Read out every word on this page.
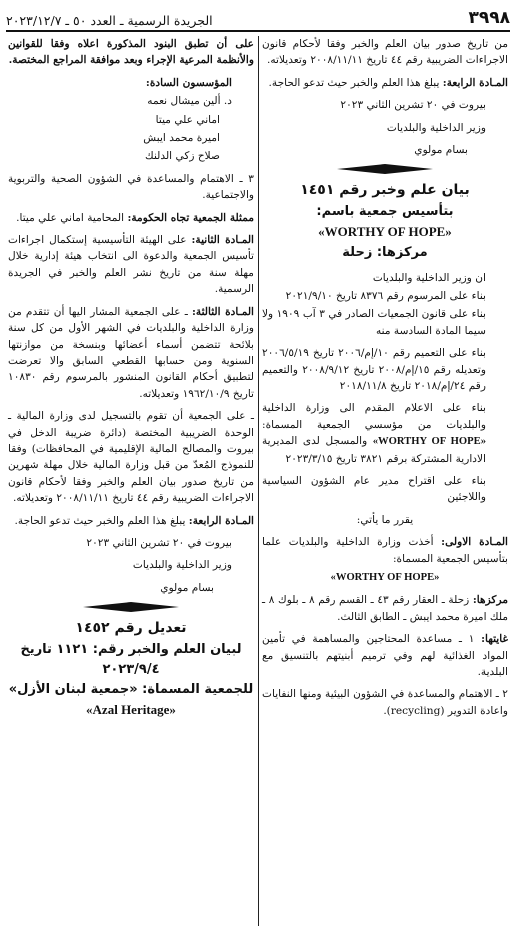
٣٩٩٨
الجريدة الرسمية ـ العدد ٥٠ ـ ٢٠٢٣/١٢/٧

من تاريخ صدور بيان العلم والخبر وفقا لأحكام قانون الاجراءات الضريبية رقم ٤٤ تاريخ ٢٠٠٨/١١/١١ وتعديلاته.

المـادة الرابعة: يبلغ هذا العلم والخبر حيث تدعو الحاجة.

بيروت في ٢٠ تشرين الثاني ٢٠٢٣

وزير الداخلية والبلديات

بسام مولوي

بيان علم وخبر رقم ١٤٥١

بتأسيس جمعية باسم:

«WORTHY OF HOPE»

مركزها: زحلة

ان وزير الداخلية والبلديات

بناء على المرسوم رقم ٨٣٧٦ تاريخ ٢٠٢١/٩/١٠

بناء على قانون الجمعيات الصادر في ٣ آب ١٩٠٩ ولا سيما المادة السادسة منه

بناء على التعميم رقم ١٠/إم/٢٠٠٦ تاريخ ٢٠٠٦/٥/١٩ وتعديله رقم ١٥/إم/٢٠٠٨ تاريخ ٢٠٠٨/٩/١٢ والتعميم رقم ٢٤/إم/٢٠١٨ تاريخ ٢٠١٨/١١/٨

بناء على الاعلام المقدم الى وزارة الداخلية والبلديات من مؤسسي الجمعية المسماة: «WORTHY OF HOPE» والمسجل لدى المديرية الادارية المشتركة برقم ٣٨٢١ تاريخ ٢٠٢٣/٣/١٥

بناء على اقتراح مدير عام الشؤون السياسية واللاجئين

يقرر ما يأتي:

المـادة الاولى: أخذت وزارة الداخلية والبلديات علما بتأسيس الجمعية المسماة:

«WORTHY OF HOPE»

مركزها: زحلة ـ العقار رقم ٤٣ ـ القسم رقم ٨ ـ بلوك ٨ ـ ملك اميرة محمد ايبش ـ الطابق الثالث.

غايتها: ١ ـ مساعدة المحتاجين والمساهمة في تأمين المواد الغذائية لهم وفي ترميم أبنيتهم بالتنسيق مع البلدية.

٢ ـ الاهتمام والمساعدة في الشؤون البيئية ومنها النفايات واعادة التدوير (recycling).

على أن تطبق البنود المذكورة اعلاه وفقا للقوانين والأنظمة المرعية الإجراء وبعد موافقة المراجع المختصة.

المؤسسون السادة:

د. ألين ميشال نعمه

اماني علي ميتا

اميرة محمد ايبش

صلاح زكي الدلنك

٣ ـ الاهتمام والمساعدة في الشؤون الصحية والتربوية والاجتماعية.

ممثلة الجمعية تجاه الحكومة: المحامية اماني علي ميتا.

المـادة الثانية: على الهيئة التأسيسية إستكمال اجراءات تأسيس الجمعية والدعوة الى انتخاب هيئة إدارية خلال مهلة سنة من تاريخ نشر العلم والخبر في الجريدة الرسمية.

المـادة الثالثة: ـ على الجمعية المشار اليها أن تتقدم من وزارة الداخلية والبلديات في الشهر الأول من كل سنة بلائحة تتضمن أسماء أعضائها وبنسخة من موازنتها السنوية ومن حسابها القطعي السابق والا تعرضت لتطبيق أحكام القانون المنشور بالمرسوم رقم ١٠٨٣٠ تاريخ ١٩٦٢/١٠/٩ وتعديلاته.

ـ على الجمعية أن تقوم بالتسجيل لدى وزارة المالية ـ الوحدة الضريبية المختصة (دائرة ضريبة الدخل في بيروت والمصالح المالية الإقليمية في المحافظات) وفقا للنموذج المُعدّ من قبل وزارة المالية خلال مهلة شهرين من تاريخ صدور بيان العلم والخبر وفقا لأحكام قانون الاجراءات الضريبية رقم ٤٤ تاريخ ٢٠٠٨/١١/١١ وتعديلاته.

المـادة الرابعة: يبلغ هذا العلم والخبر حيث تدعو الحاجة.

بيروت في ٢٠ تشرين الثاني ٢٠٢٣

وزير الداخلية والبلديات

بسام مولوي

تعديل رقم ١٤٥٢

لبيان العلم والخبر رقم: ١١٢١ تاريخ ٢٠٢٣/٩/٤

للجمعية المسماة: «جمعية لبنان الأزل»

«Azal Heritage»
